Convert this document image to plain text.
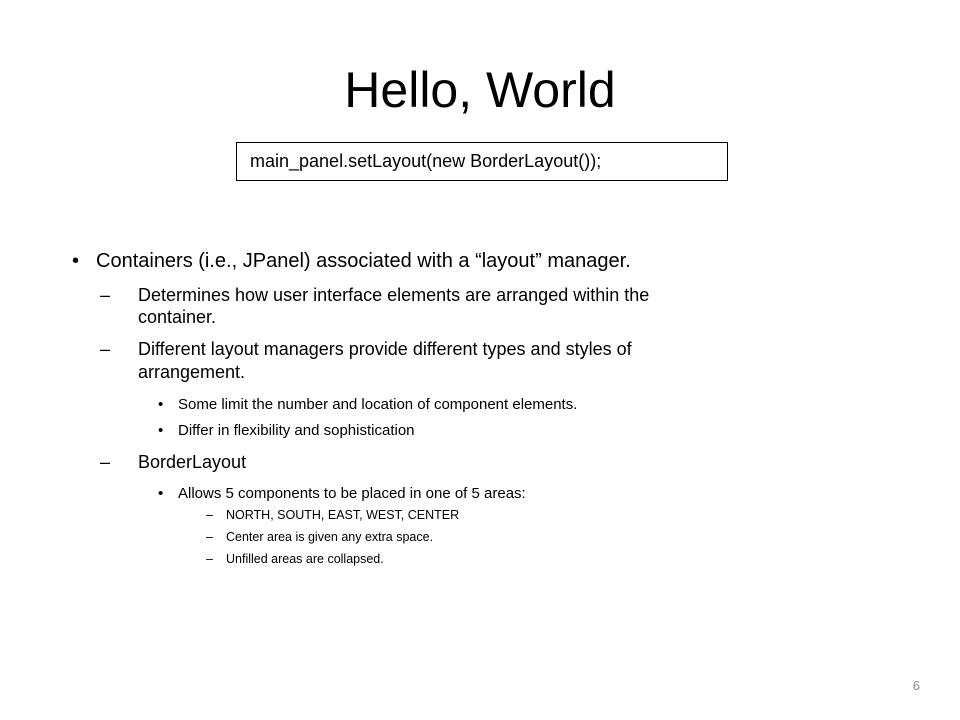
Hello, World
main_panel.setLayout(new BorderLayout());
• Containers (i.e., JPanel) associated with a “layout” manager.
– Determines how user interface elements are arranged within the
container.
– Different layout managers provide different types and styles of
arrangement.
• Some limit the number and location of component elements.
• Differ in flexibility and sophistication
– BorderLayout
• Allows 5 components to be placed in one of 5 areas:
– NORTH, SOUTH, EAST, WEST, CENTER
– Center area is given any extra space.
– Unfilled areas are collapsed.
6
